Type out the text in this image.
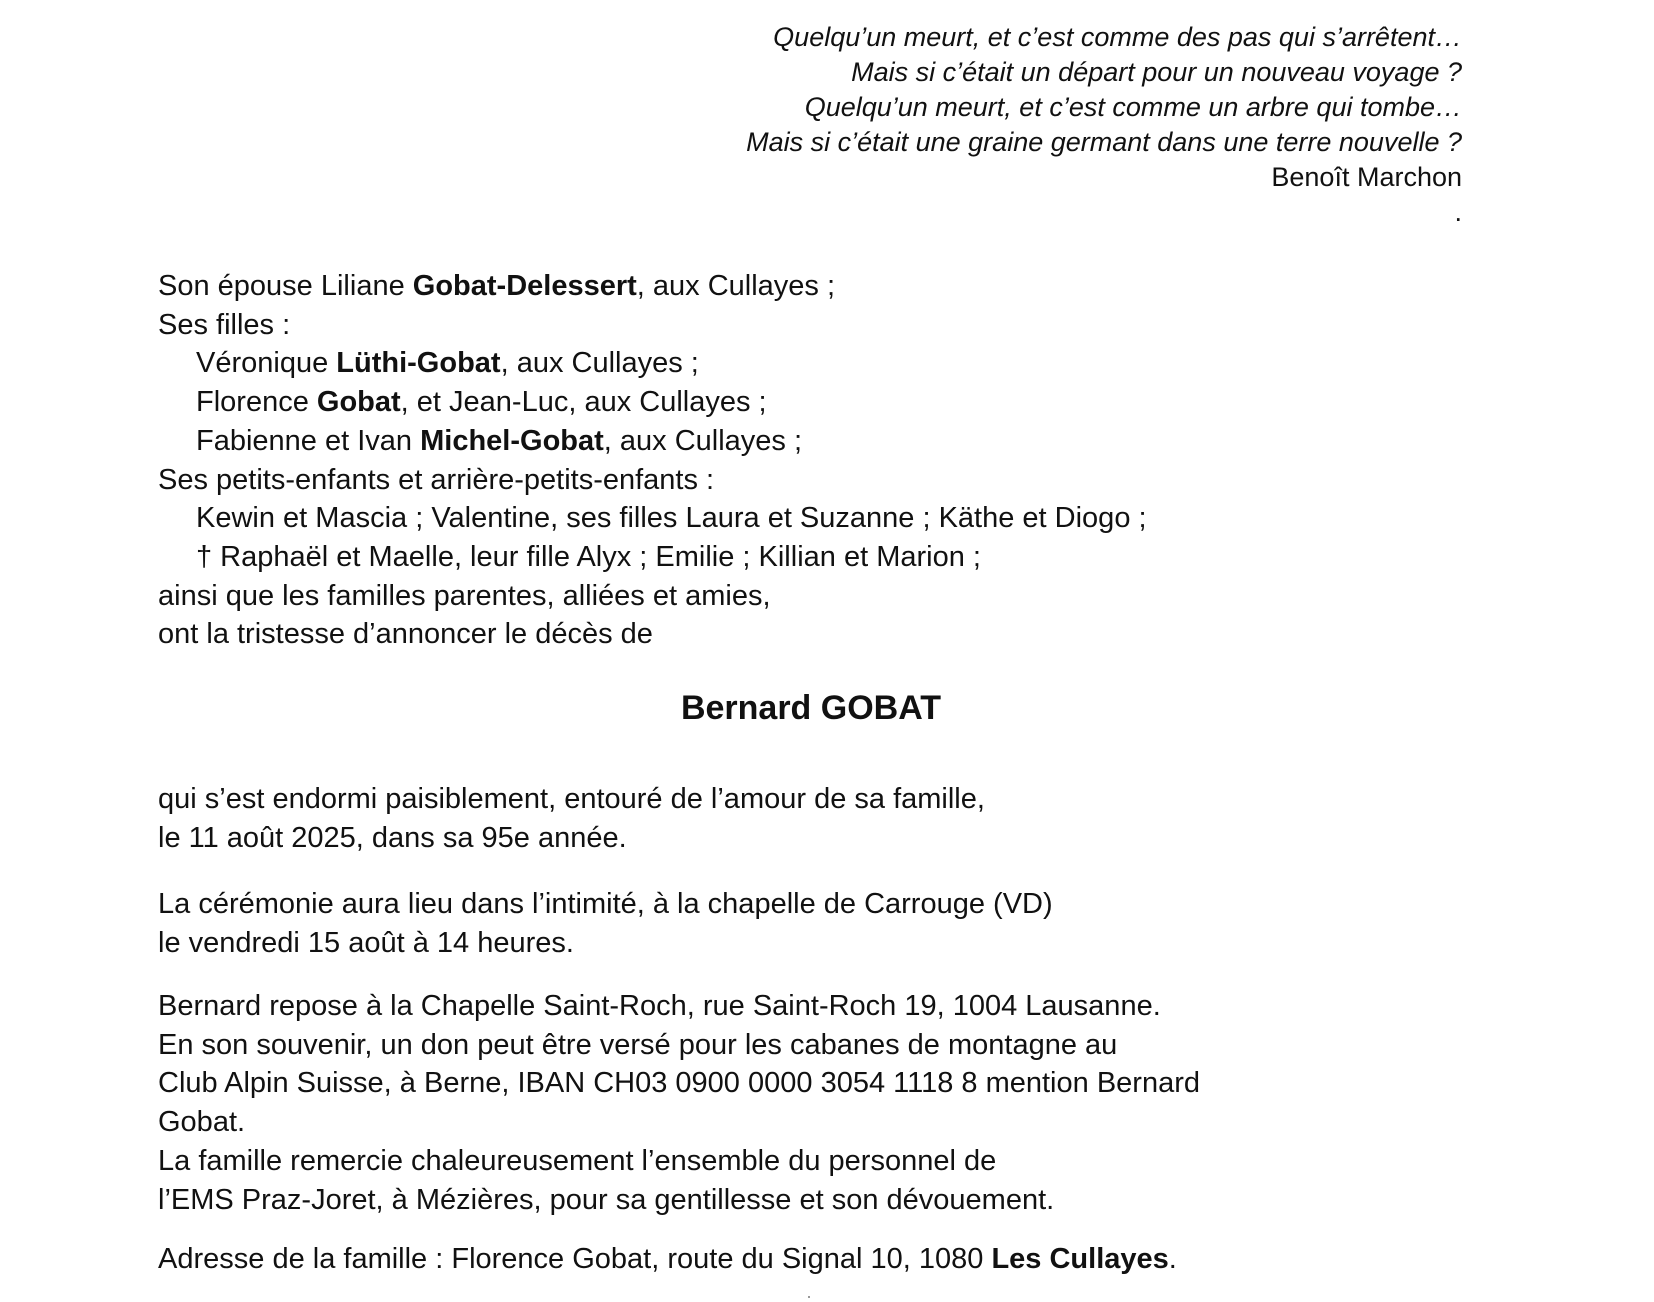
Quelqu’un meurt, et c’est comme des pas qui s’arrêtent…
Mais si c’était un départ pour un nouveau voyage ?
Quelqu’un meurt, et c’est comme un arbre qui tombe…
Mais si c’était une graine germant dans une terre nouvelle ?
Benoît Marchon
.
Son épouse Liliane Gobat-Delessert, aux Cullayes ;
Ses filles :
Véronique Lüthi-Gobat, aux Cullayes ;
Florence Gobat, et Jean-Luc, aux Cullayes ;
Fabienne et Ivan Michel-Gobat, aux Cullayes ;
Ses petits-enfants et arrière-petits-enfants :
Kewin et Mascia ; Valentine, ses filles Laura et Suzanne ; Käthe et Diogo ;
† Raphaël et Maelle, leur fille Alyx ; Emilie ; Killian et Marion ;
ainsi que les familles parentes, alliées et amies,
ont la tristesse d’annoncer le décès de
Bernard GOBAT
qui s’est endormi paisiblement, entouré de l’amour de sa famille,
le 11 août 2025, dans sa 95e année.
La cérémonie aura lieu dans l’intimité, à la chapelle de Carrouge (VD)
le vendredi 15 août à 14 heures.
Bernard repose à la Chapelle Saint-Roch, rue Saint-Roch 19, 1004 Lausanne.
En son souvenir, un don peut être versé pour les cabanes de montagne au
Club Alpin Suisse, à Berne, IBAN CH03 0900 0000 3054 1118 8 mention Bernard
Gobat.
La famille remercie chaleureusement l’ensemble du personnel de
l’EMS Praz-Joret, à Mézières, pour sa gentillesse et son dévouement.
Adresse de la famille : Florence Gobat, route du Signal 10, 1080 Les Cullayes.
